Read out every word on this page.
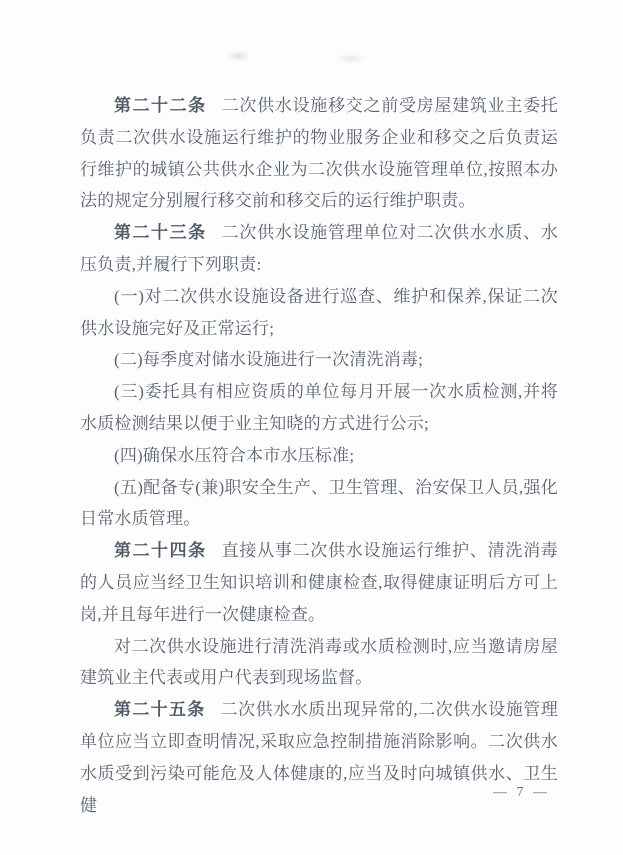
第二十二条 二次供水设施移交之前受房屋建筑业主委托负责二次供水设施运行维护的物业服务企业和移交之后负责运行维护的城镇公共供水企业为二次供水设施管理单位,按照本办法的规定分别履行移交前和移交后的运行维护职责。

第二十三条 二次供水设施管理单位对二次供水水质、水压负责,并履行下列职责:

(一)对二次供水设施设备进行巡查、维护和保养,保证二次供水设施完好及正常运行;

(二)每季度对储水设施进行一次清洗消毒;

(三)委托具有相应资质的单位每月开展一次水质检测,并将水质检测结果以便于业主知晓的方式进行公示;

(四)确保水压符合本市水压标准;

(五)配备专(兼)职安全生产、卫生管理、治安保卫人员,强化日常水质管理。

第二十四条 直接从事二次供水设施运行维护、清洗消毒的人员应当经卫生知识培训和健康检查,取得健康证明后方可上岗,并且每年进行一次健康检查。

对二次供水设施进行清洗消毒或水质检测时,应当邀请房屋建筑业主代表或用户代表到现场监督。

第二十五条 二次供水水质出现异常的,二次供水设施管理单位应当立即查明情况,采取应急控制措施消除影响。二次供水水质受到污染可能危及人体健康的,应当及时向城镇供水、卫生健

— 7 —
